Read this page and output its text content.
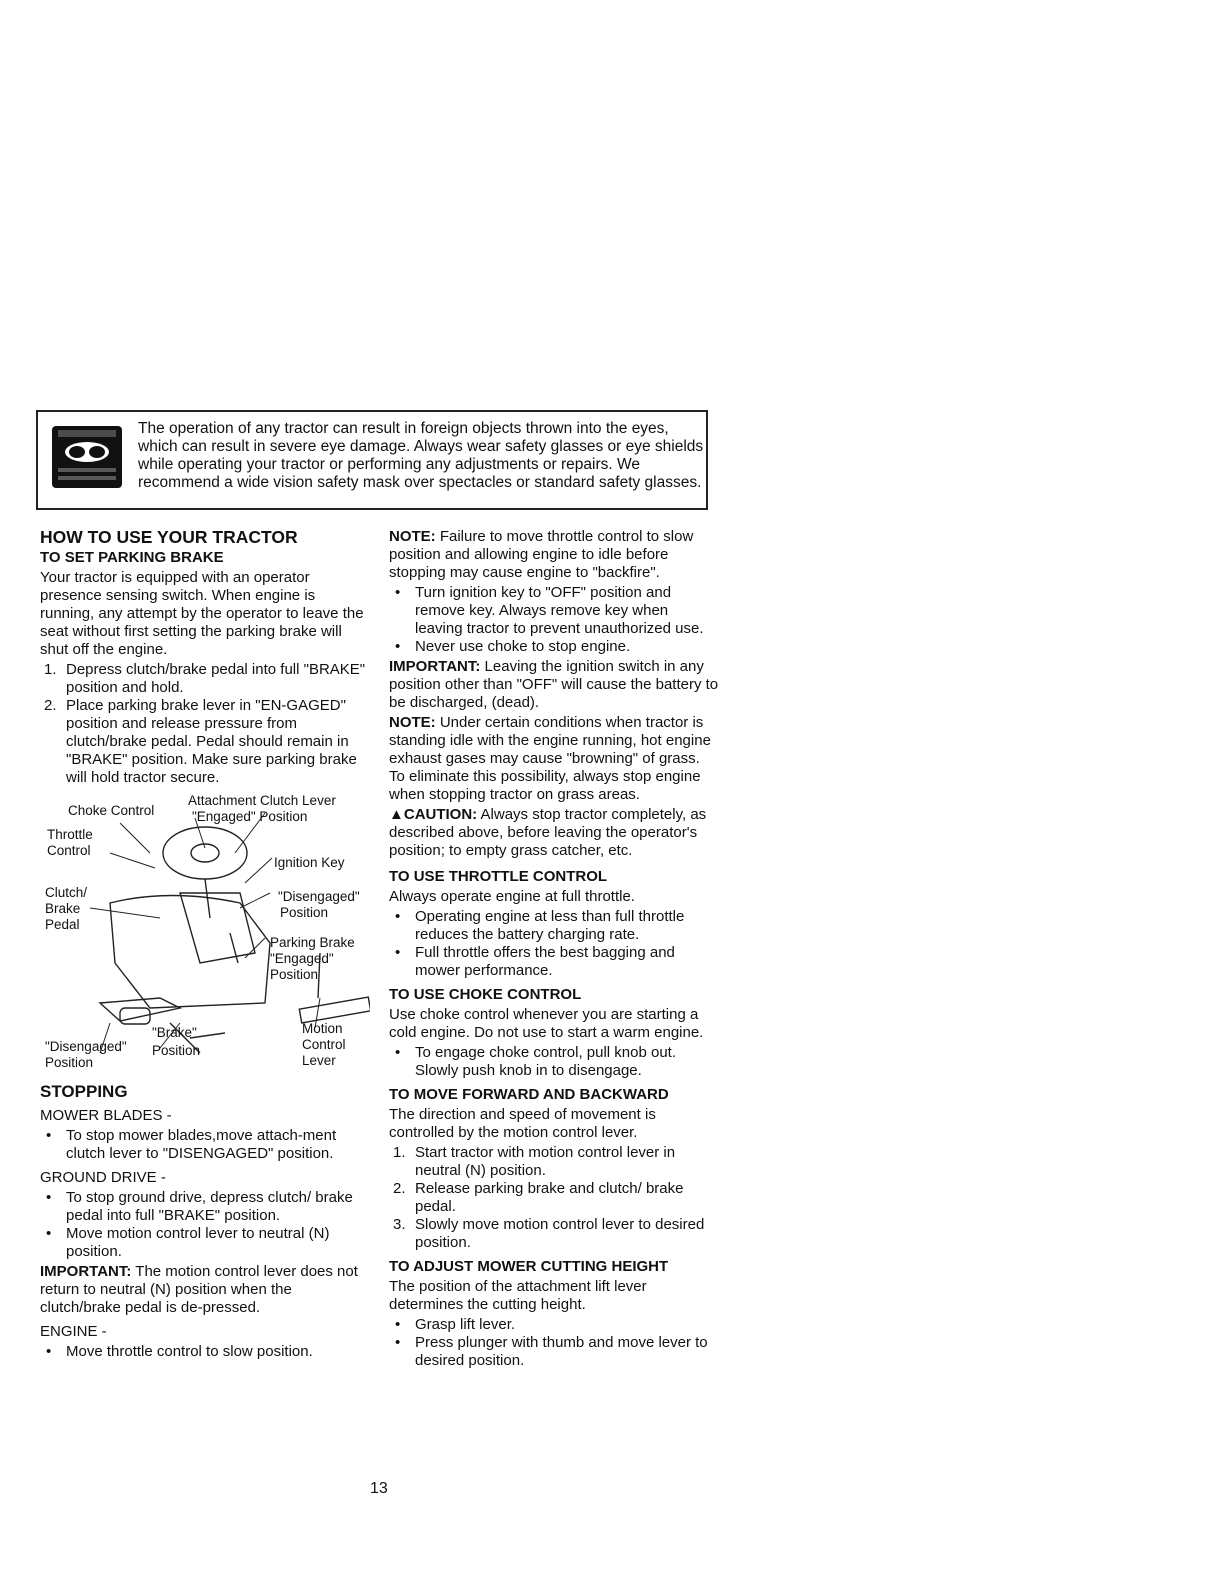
The operation of any tractor can result in foreign objects thrown into the eyes, which can result in severe eye damage. Always wear safety glasses or eye shields while operating your tractor or performing any adjustments or repairs. We recommend a wide vision safety mask over spectacles or standard safety glasses.
HOW TO USE YOUR TRACTOR
TO SET PARKING BRAKE
Your tractor is equipped with an operator presence sensing switch. When engine is running, any attempt by the operator to leave the seat without first setting the parking brake will shut off the engine.
1. Depress clutch/brake pedal into full "BRAKE" position and hold.
2. Place parking brake lever in "EN-GAGED" position and release pressure from clutch/brake pedal. Pedal should remain in "BRAKE" position. Make sure parking brake will hold tractor secure.
Attachment Clutch Lever
"Engaged" Position
Choke Control
Throttle
Control
Ignition Key
Clutch/
Brake
Pedal
"Disengaged"
Position
Parking Brake
"Engaged"
Position
Motion
Control
Lever
"Brake"
Position
"Disengaged"
Position
STOPPING
MOWER BLADES -
• To stop mower blades,move attach-ment clutch lever to "DISENGAGED" position.
GROUND DRIVE -
• To stop ground drive, depress clutch/ brake pedal into full "BRAKE" position.
• Move motion control lever to neutral (N) position.
IMPORTANT: The motion control lever does not return to neutral (N) position when the clutch/brake pedal is de-pressed.
ENGINE -
• Move throttle control to slow position.
NOTE: Failure to move throttle control to slow position and allowing engine to idle before stopping may cause engine to "backfire".
• Turn ignition key to "OFF" position and remove key. Always remove key when leaving tractor to prevent unauthorized use.
• Never use choke to stop engine.
IMPORTANT: Leaving the ignition switch in any position other than "OFF" will cause the battery to be discharged, (dead).
NOTE: Under certain conditions when tractor is standing idle with the engine running, hot engine exhaust gases may cause "browning" of grass. To eliminate this possibility, always stop engine when stopping tractor on grass areas.
▲CAUTION: Always stop tractor completely, as described above, before leaving the operator's position; to empty grass catcher, etc.
TO USE THROTTLE CONTROL
Always operate engine at full throttle.
• Operating engine at less than full throttle reduces the battery charging rate.
• Full throttle offers the best bagging and mower performance.
TO USE CHOKE CONTROL
Use choke control whenever you are starting a cold engine. Do not use to start a warm engine.
• To engage choke control, pull knob out. Slowly push knob in to disengage.
TO MOVE FORWARD AND BACKWARD
The direction and speed of movement is controlled by the motion control lever.
1. Start tractor with motion control lever in neutral (N) position.
2. Release parking brake and clutch/ brake pedal.
3. Slowly move motion control lever to desired position.
TO ADJUST MOWER CUTTING HEIGHT
The position of the attachment lift lever determines the cutting height.
• Grasp lift lever.
• Press plunger with thumb and move lever to desired position.
13
